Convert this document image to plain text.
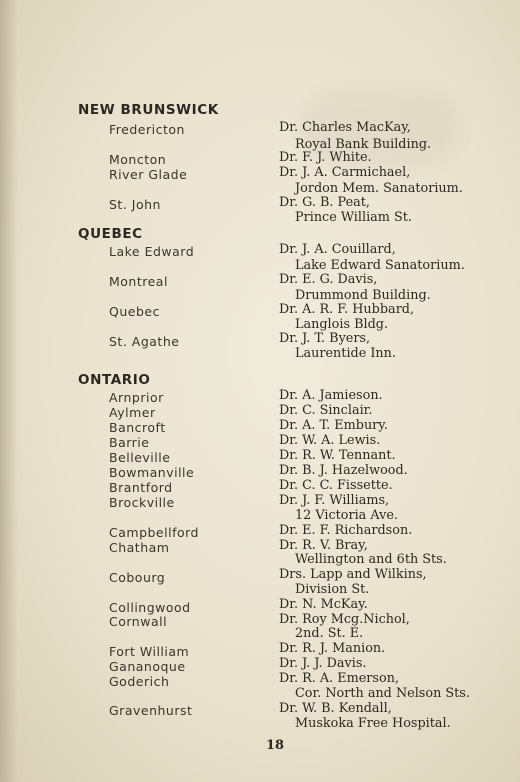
NEW BRUNSWICK
QUEBEC
ONTARIO
Fredericton	Dr. Charles MacKay,
Royal Bank Building.
Moncton	Dr. F. J. White.
River Glade	Dr. J. A. Carmichael,
Jordon Mem. Sanatorium.
St. John	Dr. G. B. Peat,
Prince William St.
Lake Edward	Dr. J. A. Couillard,
Lake Edward Sanatorium.
Montreal	Dr. E. G. Davis,
Drummond Building.
Quebec	Dr. A. R. F. Hubbard,
Langlois Bldg.
St. Agathe	Dr. J. T. Byers,
Laurentide Inn.
Arnprior	Dr. A. Jamieson.
Aylmer	Dr. C. Sinclair.
Bancroft	Dr. A. T. Embury.
Barrie	Dr. W. A. Lewis.
Belleville	Dr. R. W. Tennant.
Bowmanville	Dr. B. J. Hazelwood.
Brantford	Dr. C. C. Fissette.
Brockville	Dr. J. F. Williams,
12 Victoria Ave.
Campbellford	Dr. E. F. Richardson.
Chatham	Dr. R. V. Bray,
Wellington and 6th Sts.
Cobourg	Drs. Lapp and Wilkins,
Division St.
Collingwood	Dr. N. McKay.
Cornwall	Dr. Roy Mcg.Nichol,
2nd. St. E.
Fort William	Dr. R. J. Manion.
Gananoque	Dr. J. J. Davis.
Goderich	Dr. R. A. Emerson,
Cor. North and Nelson Sts.
Gravenhurst	Dr. W. B. Kendall,
Muskoka Free Hospital.
18
